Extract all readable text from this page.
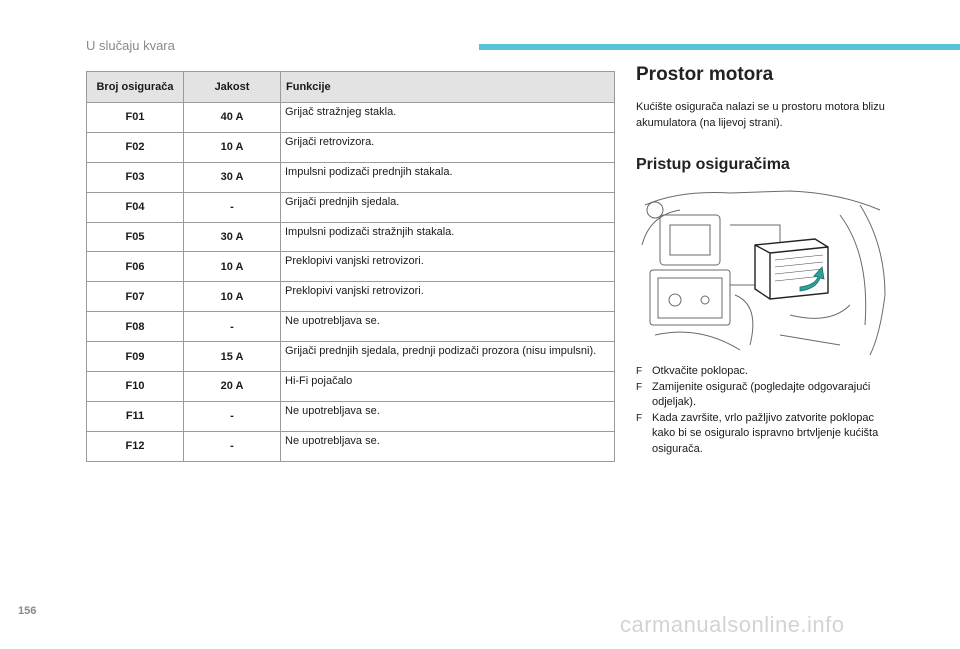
U slučaju kvara
Broj osigurača	Jakost	Funkcije
F01	40 A	Grijač stražnjeg stakla.
F02	10 A	Grijači retrovizora.
F03	30 A	Impulsni podizači prednjih stakala.
F04	-	Grijači prednjih sjedala.
F05	30 A	Impulsni podizači stražnjih stakala.
F06	10 A	Preklopivi vanjski retrovizori.
F07	10 A	Preklopivi vanjski retrovizori.
F08	-	Ne upotrebljava se.
F09	15 A	Grijači prednjih sjedala, prednji podizači prozora (nisu impulsni).
F10	20 A	Hi-Fi pojačalo
F11	-	Ne upotrebljava se.
F12	-	Ne upotrebljava se.
Prostor motora
Kućište osigurača nalazi se u prostoru motora blizu akumulatora (na lijevoj strani).
Pristup osiguračima
F Otkvačite poklopac.
F Zamijenite osigurač (pogledajte odgovarajući odjeljak).
F Kada završite, vrlo pažljivo zatvorite poklopac kako bi se osiguralo ispravno brtvljenje kućišta osigurača.
156
carmanualsonline.info
